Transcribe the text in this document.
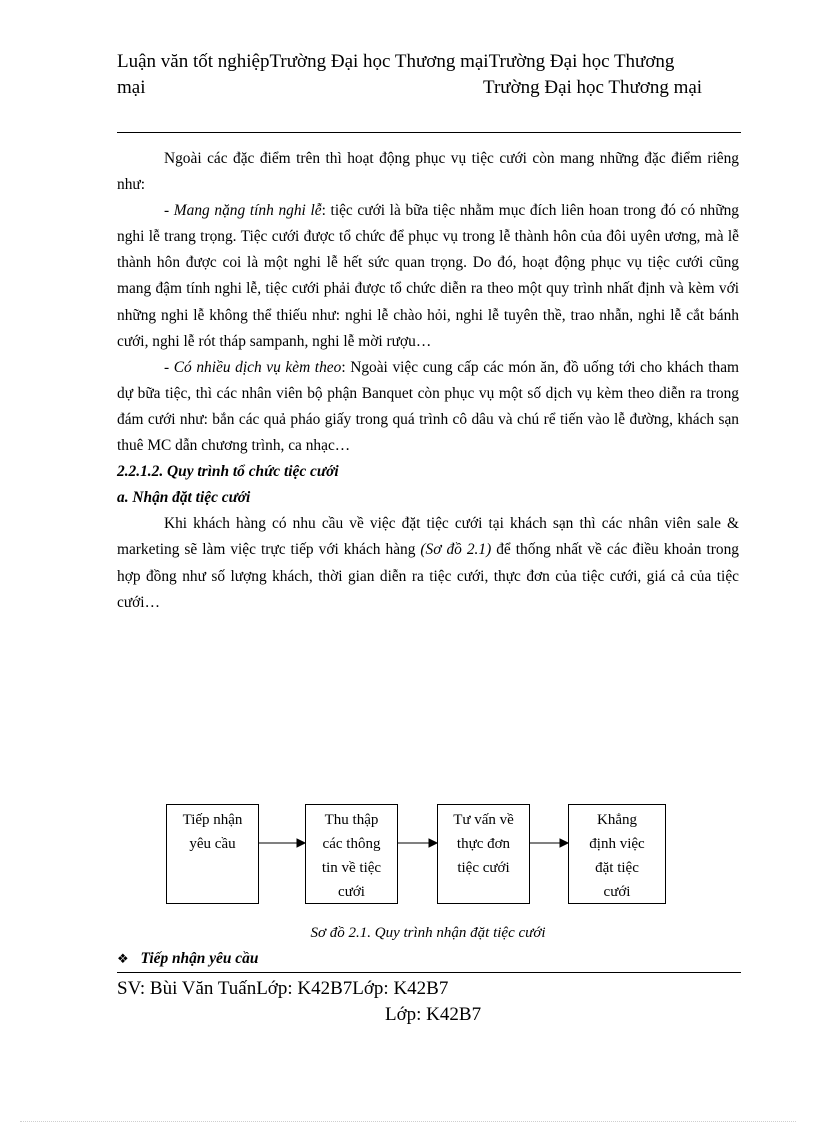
Luận văn tốt nghiệpTrường Đại học Thương mạiTrường Đại học Thương
mại	Trường Đại học Thương mại

Ngoài các đặc điểm trên thì hoạt động phục vụ tiệc cưới còn mang những đặc điểm riêng như:

- Mang nặng tính nghi lễ: tiệc cưới là bữa tiệc nhằm mục đích liên hoan trong đó có những nghi lễ trang trọng. Tiệc cưới được tổ chức để phục vụ trong lễ thành hôn của đôi uyên ương, mà lễ thành hôn được coi là một nghi lễ hết sức quan trọng. Do đó, hoạt động phục vụ tiệc cưới cũng mang đậm tính nghi lễ, tiệc cưới phải được tổ chức diễn ra theo một quy trình nhất định và kèm với những nghi lễ không thể thiếu như: nghi lễ chào hỏi, nghi lễ tuyên thề, trao nhẫn, nghi lễ cắt bánh cưới, nghi lễ rót tháp sampanh, nghi lễ mời rượu…

- Có nhiều dịch vụ kèm theo: Ngoài việc cung cấp các món ăn, đồ uống tới cho khách tham dự bữa tiệc, thì các nhân viên bộ phận Banquet còn phục vụ một số dịch vụ kèm theo diễn ra trong đám cưới như: bắn các quả pháo giấy trong quá trình cô dâu và chú rể tiến vào lễ đường, khách sạn thuê MC dẫn chương trình, ca nhạc…

2.2.1.2. Quy trình tổ chức tiệc cưới
a. Nhận đặt tiệc cưới

Khi khách hàng có nhu cầu về việc đặt tiệc cưới tại khách sạn thì các nhân viên sale & marketing sẽ làm việc trực tiếp với khách hàng (Sơ đồ 2.1) để thống nhất về các điều khoản trong hợp đồng như số lượng khách, thời gian diễn ra tiệc cưới, thực đơn của tiệc cưới, giá cả của tiệc cưới…

Tiếp nhận
yêu cầu
Thu thập
các thông
tin về tiệc
cưới
Tư vấn về
thực đơn
tiệc cưới
Khẳng
định việc
đặt tiệc
cưới
Sơ đồ 2.1. Quy trình nhận đặt tiệc cưới
❖ Tiếp nhận yêu cầu
SV: Bùi Văn TuấnLớp: K42B7Lớp: K42B7
Lớp: K42B7
